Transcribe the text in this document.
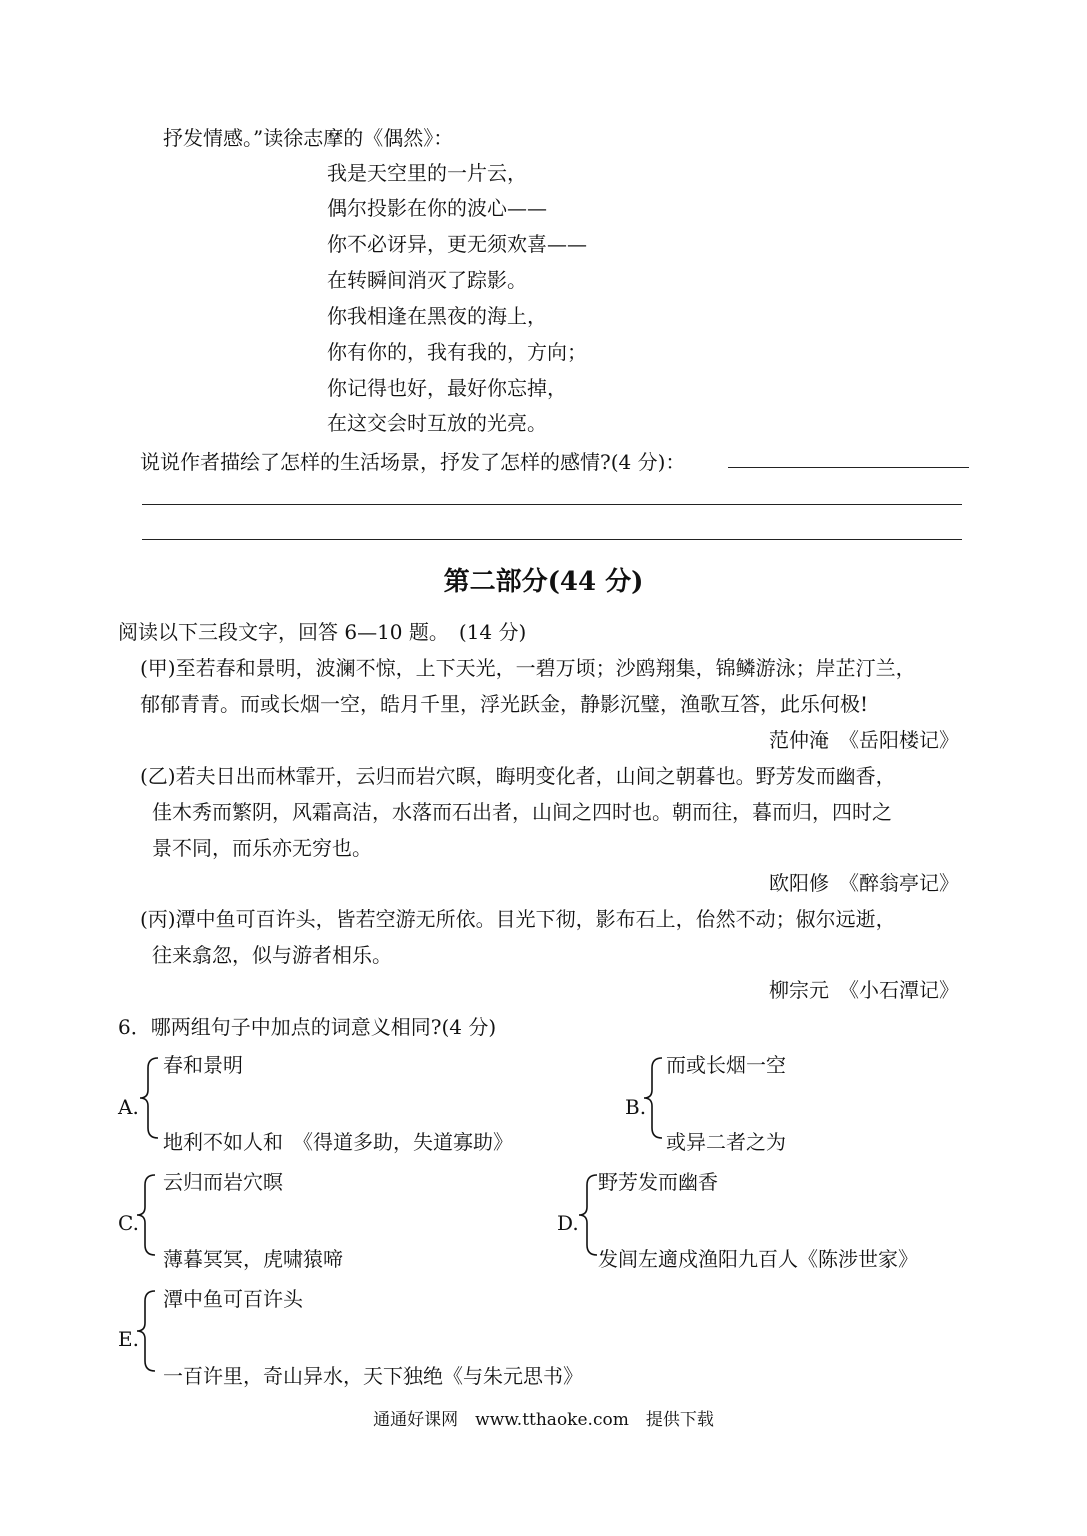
抒发情感。”读徐志摩的《偶然》：
我是天空里的一片云，
偶尔投影在你的波心——
你不必讶异，更无须欢喜——
在转瞬间消灭了踪影。
你我相逢在黑夜的海上，
你有你的，我有我的，方向；
你记得也好，最好你忘掉，
在这交会时互放的光亮。
说说作者描绘了怎样的生活场景，抒发了怎样的感情?(4 分)：
第二部分(44 分)
阅读以下三段文字，回答 6—10 题。　(14 分)
(甲)至若春和景明，波澜不惊，上下天光，一碧万顷；沙鸥翔集，锦鳞游泳；岸芷汀兰，
郁郁青青。而或长烟一空，皓月千里，浮光跃金，静影沉璧，渔歌互答，此乐何极!
范仲淹　《岳阳楼记》
(乙)若夫日出而林霏开，云归而岩穴暝，晦明变化者，山间之朝暮也。野芳发而幽香，
佳木秀而繁阴，风霜高洁，水落而石出者，山间之四时也。朝而往，暮而归，四时之
景不同，而乐亦无穷也。
欧阳修　《醉翁亭记》
(丙)潭中鱼可百许头，皆若空游无所依。目光下彻，影布石上，佁然不动；俶尔远逝，
往来翕忽，似与游者相乐。
柳宗元　《小石潭记》
6．哪两组句子中加点的词意义相同?(4 分)
A.
春和景明
地利不如人和　《得道多助，失道寡助》
B.
而或长烟一空
或异二者之为
C.
云归而岩穴暝
薄暮冥冥，虎啸猿啼
D.
野芳发而幽香
发闾左適戍渔阳九百人《陈涉世家》
E.
潭中鱼可百许头
一百许里，奇山异水，天下独绝《与朱元思书》
通通好课网　www.tthaoke.com　提供下载
